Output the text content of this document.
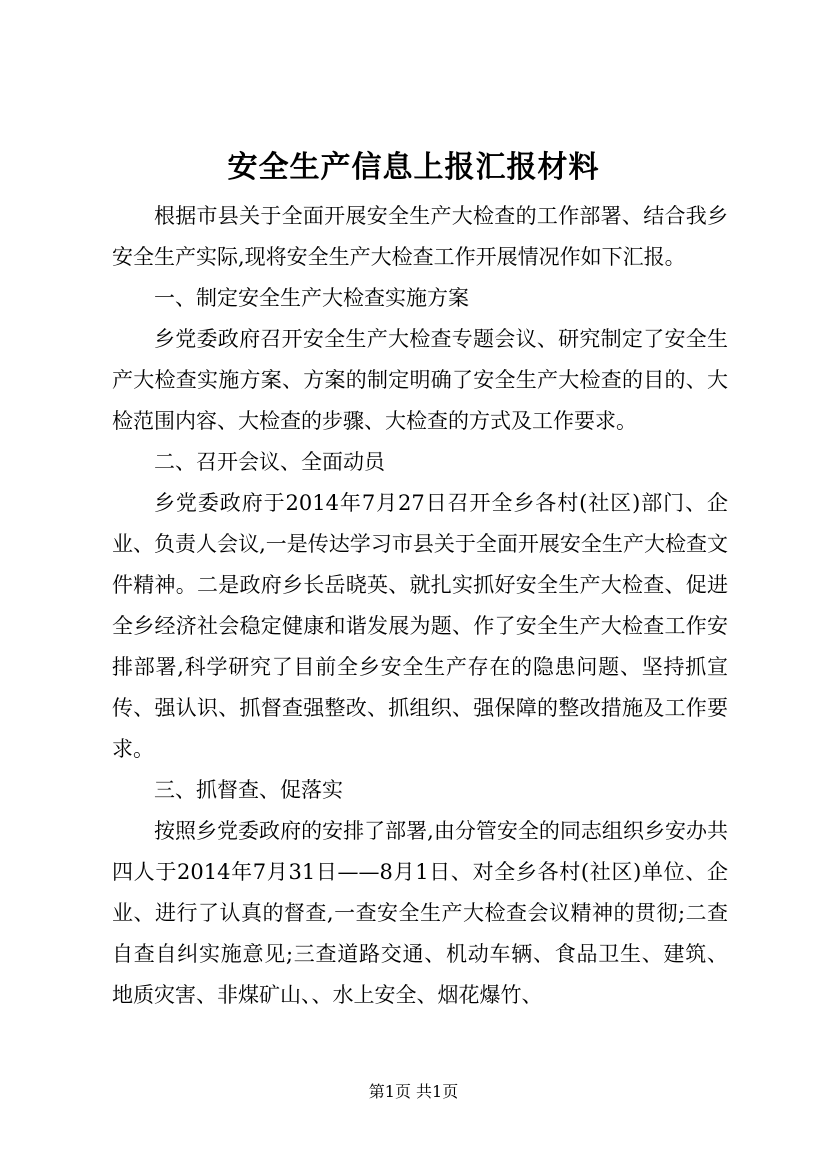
安全生产信息上报汇报材料

根据市县关于全面开展安全生产大检查的工作部署、结合我乡安全生产实际,现将安全生产大检查工作开展情况作如下汇报。

一、制定安全生产大检查实施方案

乡党委政府召开安全生产大检查专题会议、研究制定了安全生产大检查实施方案、方案的制定明确了安全生产大检查的目的、大检范围内容、大检查的步骤、大检查的方式及工作要求。

二、召开会议、全面动员

乡党委政府于2014年7月27日召开全乡各村(社区)部门、企业、负责人会议,一是传达学习市县关于全面开展安全生产大检查文件精神。二是政府乡长岳晓英、就扎实抓好安全生产大检查、促进全乡经济社会稳定健康和谐发展为题、作了安全生产大检查工作安排部署,科学研究了目前全乡安全生产存在的隐患问题、坚持抓宣传、强认识、抓督查强整改、抓组织、强保障的整改措施及工作要求。

三、抓督查、促落实

按照乡党委政府的安排了部署,由分管安全的同志组织乡安办共四人于2014年7月31日——8月1日、对全乡各村(社区)单位、企业、进行了认真的督查,一查安全生产大检查会议精神的贯彻;二查自查自纠实施意见;三查道路交通、机动车辆、食品卫生、建筑、地质灾害、非煤矿山、、水上安全、烟花爆竹、

第1页 共1页
